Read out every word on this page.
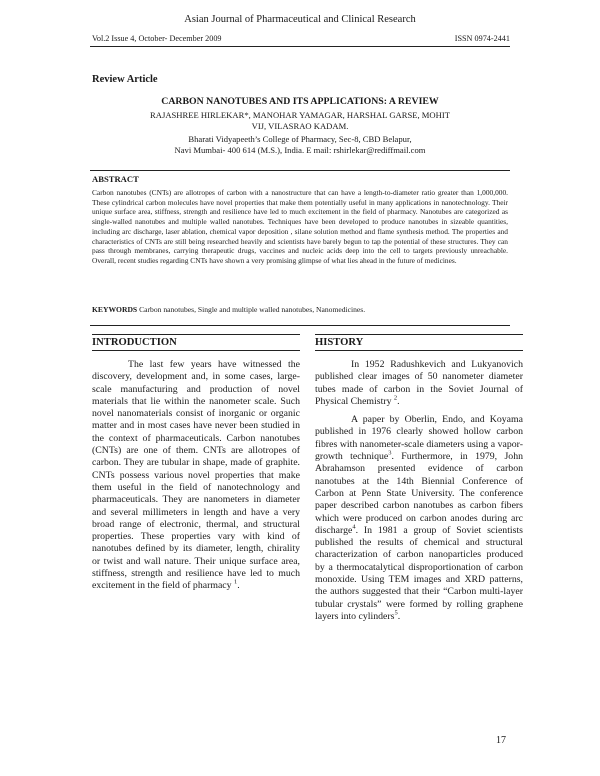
Asian Journal of Pharmaceutical and Clinical Research
Vol.2 Issue 4, October- December 2009	ISSN 0974-2441
Review Article
CARBON NANOTUBES AND ITS APPLICATIONS: A REVIEW
RAJASHREE HIRLEKAR*, MANOHAR YAMAGAR, HARSHAL GARSE, MOHIT VIJ, VILASRAO KADAM.
Bharati Vidyapeeth’s College of Pharmacy, Sec-8, CBD Belapur,
Navi Mumbai- 400 614 (M.S.), India. E mail: rshirlekar@rediffmail.com
ABSTRACT
Carbon nanotubes (CNTs) are allotropes of carbon with a nanostructure that can have a length-to-diameter ratio greater than 1,000,000. These cylindrical carbon molecules have novel properties that make them potentially useful in many applications in nanotechnology. Their unique surface area, stiffness, strength and resilience have led to much excitement in the field of pharmacy. Nanotubes are categorized as single-walled nanotubes and multiple walled nanotubes. Techniques have been developed to produce nanotubes in sizeable quantities, including arc discharge, laser ablation, chemical vapor deposition , silane solution method and flame synthesis method. The properties and characteristics of CNTs are still being researched heavily and scientists have barely begun to tap the potential of these structures. They can pass through membranes, carrying therapeutic drugs, vaccines and nucleic acids deep into the cell to targets previously unreachable. Overall, recent studies regarding CNTs have shown a very promising glimpse of what lies ahead in the future of medicines.
KEYWORDS Carbon nanotubes, Single and multiple walled nanotubes, Nanomedicines.
INTRODUCTION

The last few years have witnessed the discovery, development and, in some cases, large-scale manufacturing and production of novel materials that lie within the nanometer scale. Such novel nanomaterials consist of inorganic or organic matter and in most cases have never been studied in the context of pharmaceuticals. Carbon nanotubes (CNTs) are one of them. CNTs are allotropes of carbon. They are tubular in shape, made of graphite. CNTs possess various novel properties that make them useful in the field of nanotechnology and pharmaceuticals. They are nanometers in diameter and several millimeters in length and have a very broad range of electronic, thermal, and structural properties. These properties vary with kind of nanotubes defined by its diameter, length, chirality or twist and wall nature. Their unique surface area, stiffness, strength and resilience have led to much excitement in the field of pharmacy $^1$.

HISTORY

In 1952 Radushkevich and Lukyanovich published clear images of 50 nanometer diameter tubes made of carbon in the Soviet Journal of Physical Chemistry $^2$.

A paper by Oberlin, Endo, and Koyama published in 1976 clearly showed hollow carbon fibres with nanometer-scale diameters using a vapor-growth technique$^3$. Furthermore, in 1979, John Abrahamson presented evidence of carbon nanotubes at the 14th Biennial Conference of Carbon at Penn State University. The conference paper described carbon nanotubes as carbon fibers which were produced on carbon anodes during arc discharge$^4$. In 1981 a group of Soviet scientists published the results of chemical and structural characterization of carbon nanoparticles produced by a thermocatalytical disproportionation of carbon monoxide. Using TEM images and XRD patterns, the authors suggested that their “Carbon multi-layer tubular crystals” were formed by rolling graphene layers into cylinders$^5$.

17
